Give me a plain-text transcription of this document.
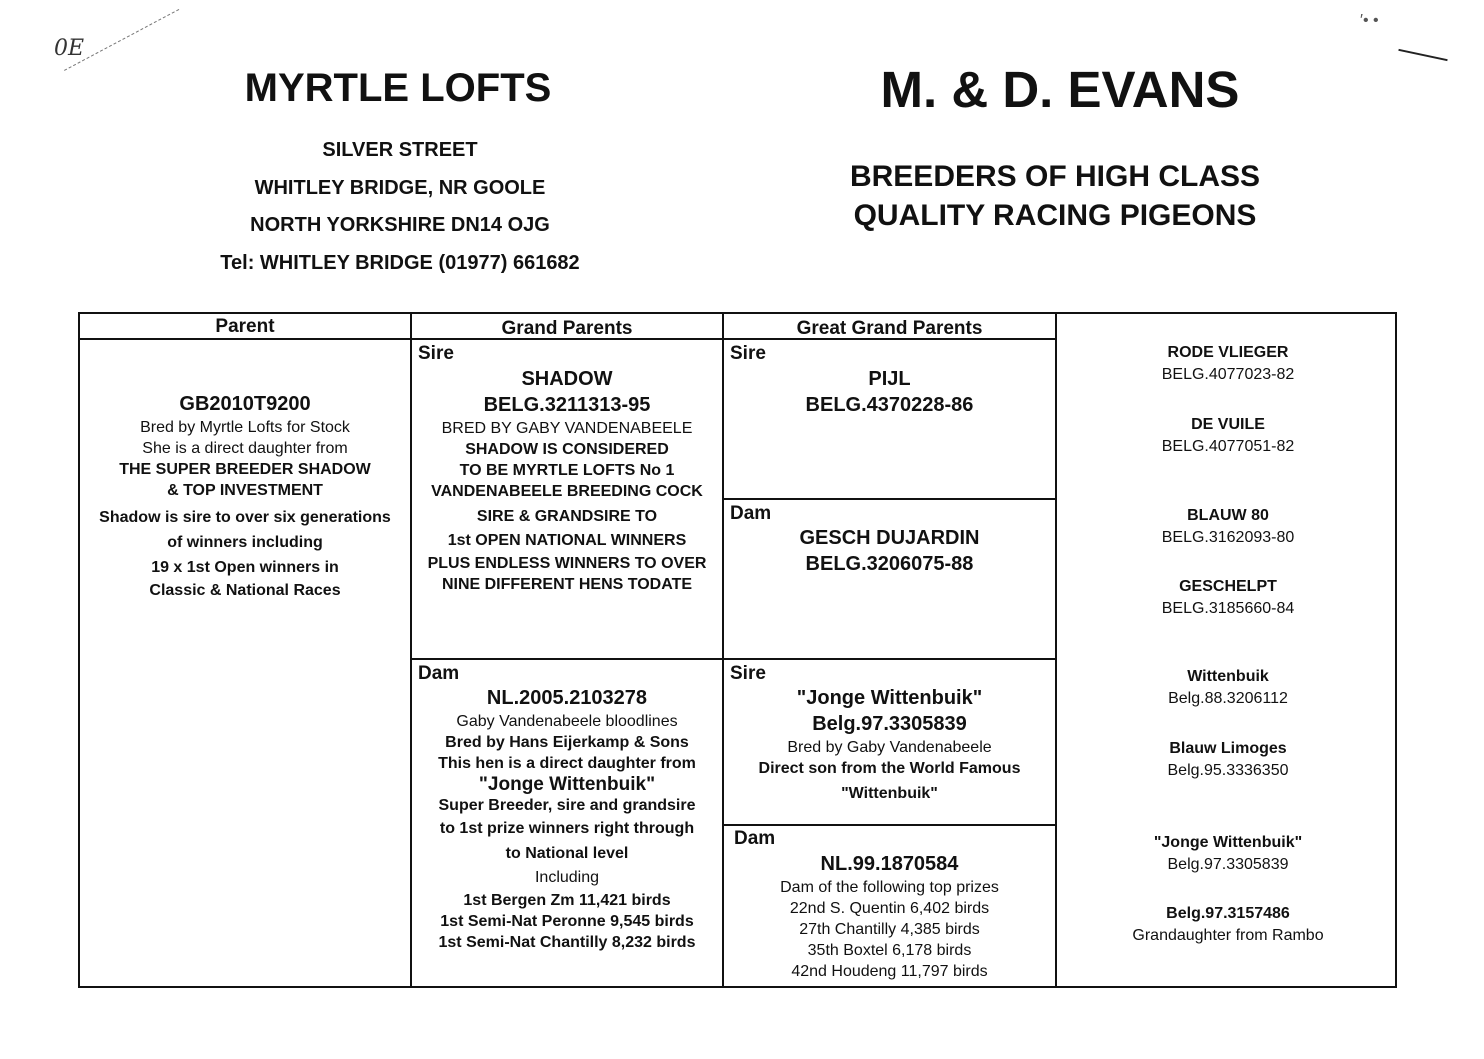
0E
′• •
MYRTLE LOFTS
SILVER STREET
WHITLEY BRIDGE, NR GOOLE
NORTH YORKSHIRE DN14 OJG
Tel: WHITLEY BRIDGE (01977) 661682
M. & D. EVANS
BREEDERS OF HIGH CLASS
QUALITY RACING PIGEONS
Parent	Grand Parents	Great Grand Parents
GB2010T9200
Bred by Myrtle Lofts for Stock
She is a direct daughter from
THE SUPER BREEDER SHADOW
& TOP INVESTMENT
Shadow is sire to over six generations
of winners including
19 x 1st Open winners in
Classic & National Races
Sire
SHADOW
BELG.3211313-95
BRED BY GABY VANDENABEELE
SHADOW IS CONSIDERED
TO BE MYRTLE LOFTS No 1
VANDENABEELE BREEDING COCK
SIRE & GRANDSIRE TO
1st OPEN NATIONAL WINNERS
PLUS ENDLESS WINNERS TO OVER
NINE DIFFERENT HENS TODATE
Dam
NL.2005.2103278
Gaby Vandenabeele bloodlines
Bred by Hans Eijerkamp & Sons
This hen is a direct daughter from
"Jonge Wittenbuik"
Super Breeder, sire and grandsire
to 1st prize winners right through
to National level
Including
1st Bergen Zm 11,421 birds
1st Semi-Nat Peronne 9,545 birds
1st Semi-Nat Chantilly 8,232 birds
Sire
PIJL
BELG.4370228-86
Dam
GESCH DUJARDIN
BELG.3206075-88
Sire
"Jonge Wittenbuik"
Belg.97.3305839
Bred by Gaby Vandenabeele
Direct son from the World Famous
"Wittenbuik"
Dam
NL.99.1870584
Dam of the following top prizes
22nd S. Quentin 6,402 birds
27th Chantilly 4,385 birds
35th Boxtel 6,178 birds
42nd Houdeng 11,797 birds
RODE VLIEGER
BELG.4077023-82
DE VUILE
BELG.4077051-82
BLAUW 80
BELG.3162093-80
GESCHELPT
BELG.3185660-84
Wittenbuik
Belg.88.3206112
Blauw Limoges
Belg.95.3336350
"Jonge Wittenbuik"
Belg.97.3305839
Belg.97.3157486
Grandaughter from Rambo
